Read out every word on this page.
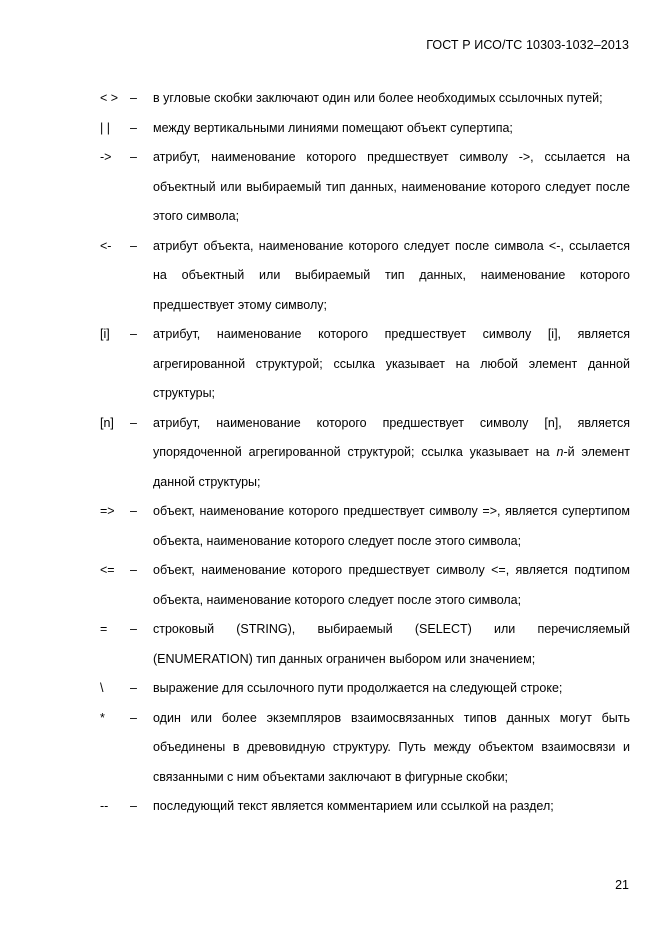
ГОСТ Р ИСО/ТС 10303-1032–2013
< > –	в угловые скобки заключают один или более необходимых ссылочных путей;
| |	–	между вертикальными линиями помещают объект супертипа;
->	–	атрибут, наименование которого предшествует символу ->, ссылается на объектный или выбираемый тип данных, наименование которого следует после этого символа;
<-	–	атрибут объекта, наименование которого следует после символа <-, ссылается на объектный или выбираемый тип данных, наименование которого предшествует этому символу;
[i]	–	атрибут, наименование которого предшествует символу [i], является агрегированной структурой; ссылка указывает на любой элемент данной структуры;
[n]	–	атрибут, наименование которого предшествует символу [n], является упорядоченной агрегированной структурой; ссылка указывает на n-й элемент данной структуры;
=>	–	объект, наименование которого предшествует символу =>, является супертипом объекта, наименование которого следует после этого символа;
<=	–	объект, наименование которого предшествует символу <=, является подтипом объекта, наименование которого следует после этого символа;
=	–	строковый (STRING), выбираемый (SELECT) или перечисляемый (ENUMERATION) тип данных ограничен выбором или значением;
\	–	выражение для ссылочного пути продолжается на следующей строке;
*	–	один или более экземпляров взаимосвязанных типов данных могут быть объединены в древовидную структуру. Путь между объектом взаимосвязи и связанными с ним объектами заключают в фигурные скобки;
--	–	последующий текст является комментарием или ссылкой на раздел;
21
